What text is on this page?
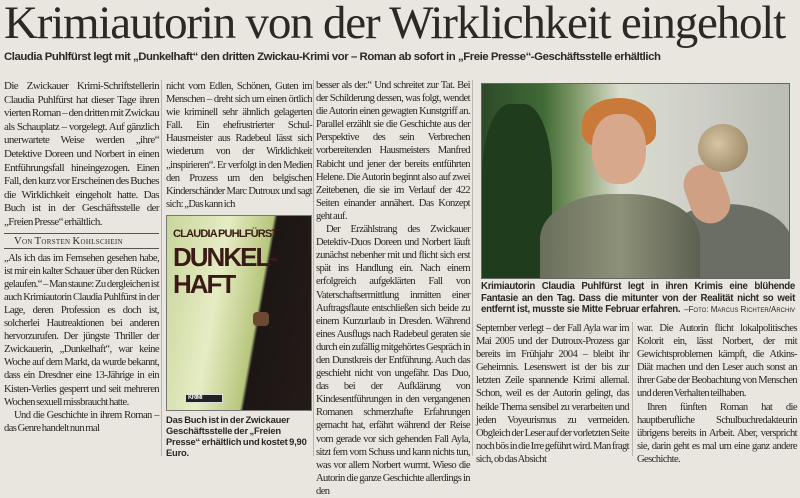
Krimiautorin von der Wirklichkeit eingeholt
Claudia Puhlfürst legt mit „Dunkelhaft“ den dritten Zwickau-Krimi vor – Roman ab sofort in „Freie Presse“-Geschäftsstelle erhältlich

Die Zwickauer Krimi-Schriftstellerin Claudia Puhlfürst hat dieser Tage ihren vierten Roman – den dritten mit Zwickau als Schauplatz – vorgelegt. Auf gänzlich unerwartete Weise werden „ihre“ Detektive Doreen und Norbert in einen Entführungsfall hineingezogen. Einen Fall, den kurz vor Erscheinen des Buches die Wirklichkeit eingeholt hatte. Das Buch ist in der Geschäftsstelle der „Freien Presse“ erhältlich.

Von Torsten Kohlschein

„Als ich das im Fernsehen gesehen habe, ist mir ein kalter Schauer über den Rücken gelaufen.“ – Man staune: Zu dergleichen ist auch Krimiautorin Claudia Puhlfürst in der Lage, deren Profession es doch ist, solcherlei Hautreaktionen bei anderen hervorzurufen. Der jüngste Thriller der Zwickauerin, „Dunkelhaft“, war keine Woche auf dem Markt, da wurde bekannt, dass ein Dresdner eine 13-Jährige in ein Kisten-Verlies gesperrt und seit mehreren Wochen sexuell missbraucht hatte.

Und die Geschichte in ihrem Roman – das Genre handelt nun mal

nicht vom Edlen, Schönen, Guten im Menschen – dreht sich um einen örtlich wie kriminell sehr ähnlich gelagerten Fall. Ein ehefrustrierter Schul-Hausmeister aus Radebeul lässt sich wiederum von der Wirklichkeit „inspirieren“. Er verfolgt in den Medien den Prozess um den belgischen Kinderschänder Marc Dutroux und sagt sich: „Das kann ich

CLAUDIA PUHLFÜRST
DUNKEL-
HAFT
KRIMI
Das Buch ist in der Zwickauer Geschäftsstelle der „Freien Presse“ erhältlich und kostet 9,90 Euro.

besser als der.“ Und schreitet zur Tat. Bei der Schilderung dessen, was folgt, wendet die Autorin einen gewagten Kunstgriff an. Parallel erzählt sie die Geschichte aus der Perspektive des sein Verbrechen vorbereitenden Hausmeisters Manfred Rabicht und jener der bereits entführten Helene. Die Autorin beginnt also auf zwei Zeitebenen, die sie im Verlauf der 422 Seiten einander annähert. Das Konzept geht auf.

Der Erzählstrang des Zwickauer Detektiv-Duos Doreen und Norbert läuft zunächst nebenher mit und flicht sich erst spät ins Handlung ein. Nach einem erfolgreich aufgeklärten Fall von Vaterschaftsermittlung inmitten einer Auftragsflaute entschließen sich beide zu einem Kurzurlaub in Dresden. Während eines Ausflugs nach Radebeul geraten sie durch ein zufällig mitgehörtes Gespräch in den Dunstkreis der Entführung. Auch das geschieht nicht von ungefähr. Das Duo, das bei der Aufklärung von Kindesentführungen in den vergangenen Romanen schmerzhafte Erfahrungen gemacht hat, erfährt während der Reise vom gerade vor sich gehenden Fall Ayla, sitzt fern vom Schuss und kann nichts tun, was vor allem Norbert wurmt. Wieso die Autorin die ganze Geschichte allerdings in den

Krimiautorin Claudia Puhlfürst legt in ihren Krimis eine blühende Fantasie an den Tag. Dass die mitunter von der Realität nicht so weit entfernt ist, musste sie Mitte Februar erfahren. –Foto: Marcus Richter/Archiv

September verlegt – der Fall Ayla war im Mai 2005 und der Dutroux-Prozess gar bereits im Frühjahr 2004 – bleibt ihr Geheimnis. Lesenswert ist der bis zur letzten Zeile spannende Krimi allemal. Schon, weil es der Autorin gelingt, das heikle Thema sensibel zu verarbeiten und jeden Voyeurismus zu vermeiden. Obgleich der Leser auf der vorletzten Seite noch bös in die Irre geführt wird. Man fragt sich, ob das Absicht

war. Die Autorin flicht lokalpolitisches Kolorit ein, lässt Norbert, der mit Gewichtsproblemen kämpft, die Atkins-Diät machen und den Leser auch sonst an ihrer Gabe der Beobachtung von Menschen und deren Verhalten teilhaben.

Ihren fünften Roman hat die hauptberufliche Schulbuchredakteurin übrigens bereits in Arbeit. Aber, verspricht sie, darin geht es mal um eine ganz andere Geschichte.
